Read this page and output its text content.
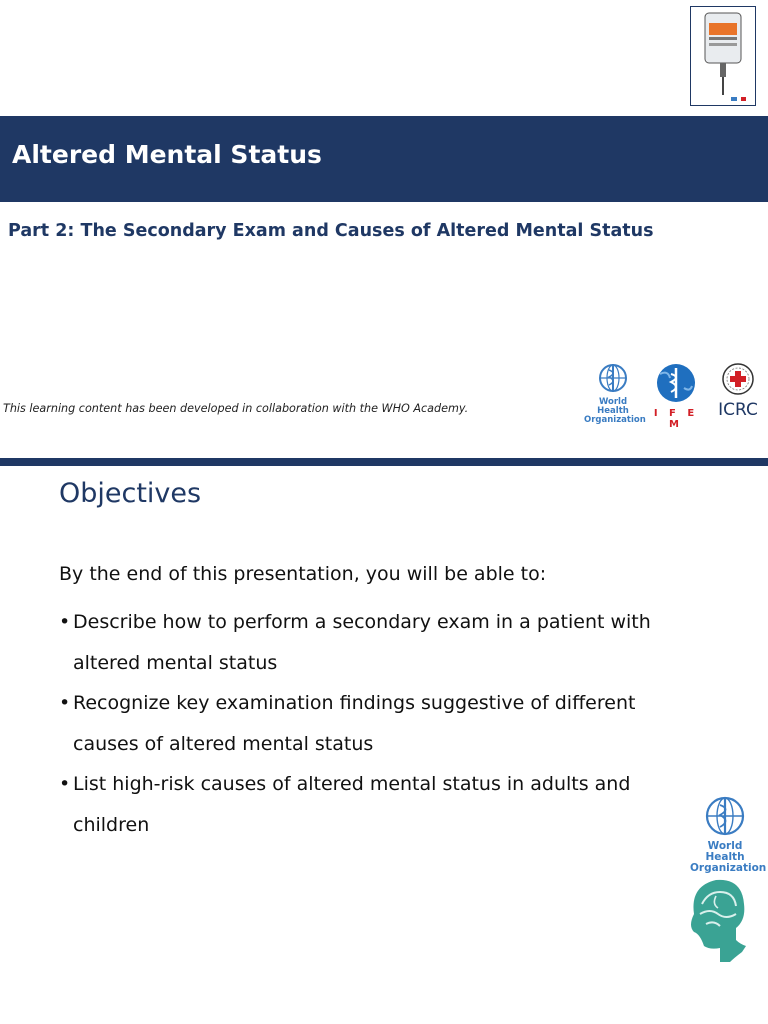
Altered Mental Status
Part 2: The Secondary Exam and Causes of Altered Mental Status
This learning content has been developed in collaboration with the WHO Academy.	World Health
Organization
I F E M
ICRC
Objectives
By the end of this presentation, you will be able to:
• Describe how to perform a secondary exam in a patient with
altered mental status
• Recognize key examination findings suggestive of different
causes of altered mental status
• List high-risk causes of altered mental status in adults and
children
World Health
Organization
